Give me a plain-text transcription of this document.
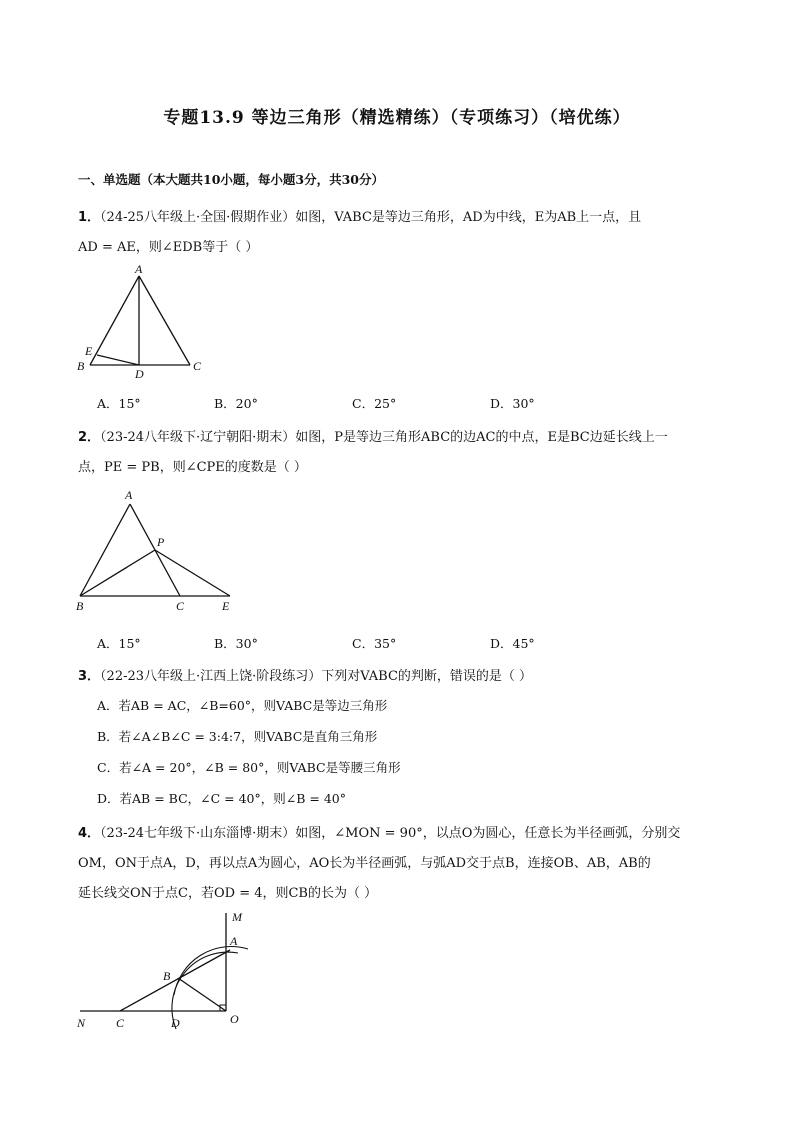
专题13.9 等边三角形（精选精练）（专项练习）（培优练）
一、单选题（本大题共10小题，每小题3分，共30分）
1．（24-25八年级上·全国·假期作业）如图，VABC是等边三角形，AD为中线，E为AB上一点，且
AD = AE，则∠EDB等于（ ）
A
B	C
D
E
A．15°	B．20°	C．25°	D．30°
2．（23-24八年级下·辽宁朝阳·期末）如图，P是等边三角形ABC的边AC的中点，E是BC边延长线上一
点，PE = PB，则∠CPE的度数是（ ）
A
B	C
P
E
A．15°	B．30°	C．35°	D．45°
3．（22-23八年级上·江西上饶·阶段练习）下列对VABC的判断，错误的是（ ）
A．若AB = AC，∠B=60°，则VABC是等边三角形
B．若∠A∠B∠C = 3:4:7，则VABC是直角三角形
C．若∠A = 20°，∠B = 80°，则VABC是等腰三角形
D．若AB = BC，∠C = 40°，则∠B = 40°
4．（23-24七年级下·山东淄博·期末）如图，∠MON = 90°，以点O为圆心，任意长为半径画弧，分别交
OM，ON于点A，D，再以点A为圆心，AO长为半径画弧，与弧AD交于点B，连接OB、AB，AB的
延长线交ON于点C，若OD = 4，则CB的长为（ ）
M
A
B
N	C	D	O
